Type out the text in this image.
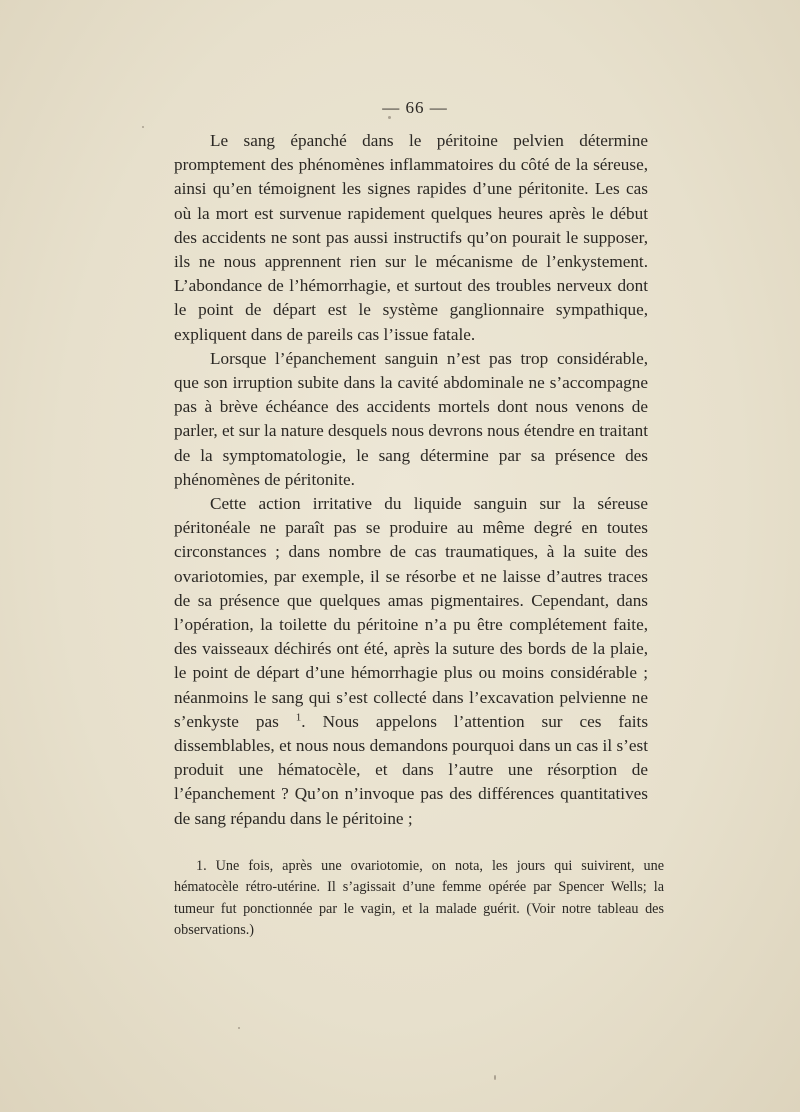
— 66 —

Le sang épanché dans le péritoine pelvien détermine promptement des phénomènes inflammatoires du côté de la séreuse, ainsi qu’en témoignent les signes rapides d’une péritonite. Les cas où la mort est survenue rapidement quelques heures après le début des accidents ne sont pas aussi instructifs qu’on pourait le supposer, ils ne nous apprennent rien sur le mécanisme de l’enkystement. L’abondance de l’hémorrhagie, et surtout des troubles nerveux dont le point de départ est le système ganglionnaire sympathique, expliquent dans de pareils cas l’issue fatale.

Lorsque l’épanchement sanguin n’est pas trop considérable, que son irruption subite dans la cavité abdominale ne s’accompagne pas à brève échéance des accidents mortels dont nous venons de parler, et sur la nature desquels nous devrons nous étendre en traitant de la symptomatologie, le sang détermine par sa présence des phénomènes de péritonite.

Cette action irritative du liquide sanguin sur la séreuse péritonéale ne paraît pas se produire au même degré en toutes circonstances ; dans nombre de cas traumatiques, à la suite des ovariotomies, par exemple, il se résorbe et ne laisse d’autres traces de sa présence que quelques amas pigmentaires. Cependant, dans l’opération, la toilette du péritoine n’a pu être complétement faite, des vaisseaux déchirés ont été, après la suture des bords de la plaie, le point de départ d’une hémorrhagie plus ou moins considérable ; néanmoins le sang qui s’est collecté dans l’excavation pelvienne ne s’enkyste pas $^1$. Nous appelons l’attention sur ces faits dissemblables, et nous nous demandons pourquoi dans un cas il s’est produit une hématocèle, et dans l’autre une résorption de l’épanchement ? Qu’on n’invoque pas des différences quantitatives de sang répandu dans le péritoine ;

1. Une fois, après une ovariotomie, on nota, les jours qui suivirent, une hématocèle rétro-utérine. Il s’agissait d’une femme opérée par Spencer Wells; la tumeur fut ponctionnée par le vagin, et la malade guérit. (Voir notre tableau des observations.)
